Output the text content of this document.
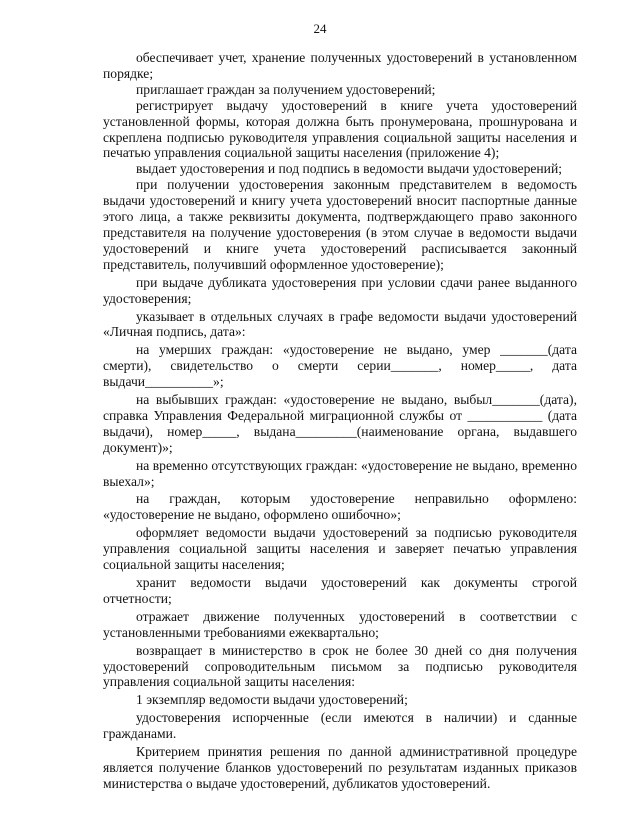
24

обеспечивает учет, хранение полученных удостоверений в установленном порядке;

приглашает граждан за получением удостоверений;

регистрирует выдачу удостоверений в книге учета удостоверений установленной формы, которая должна быть пронумерована, прошнурована и скреплена подписью руководителя управления социальной защиты населения и печатью управления социальной защиты населения (приложение 4);

выдает удостоверения и под подпись в ведомости выдачи удостоверений;

при получении удостоверения законным представителем в ведомость выдачи удостоверений и книгу учета удостоверений вносит паспортные данные этого лица, а также реквизиты документа, подтверждающего право законного представителя на получение удостоверения (в этом случае в ведомости выдачи удостоверений и книге учета удостоверений расписывается законный представитель, получивший оформленное удостоверение);

при выдаче дубликата удостоверения при условии сдачи ранее выданного удостоверения;

указывает в отдельных случаях в графе ведомости выдачи удостоверений «Личная подпись, дата»:

на умерших граждан: «удостоверение не выдано, умер _______(дата смерти), свидетельство о смерти серии_______, номер_____, дата выдачи__________»;

на выбывших граждан: «удостоверение не выдано, выбыл_______(дата), справка Управления Федеральной миграционной службы от ___________ (дата выдачи), номер_____, выдана_________(наименование органа, выдавшего документ)»;

на временно отсутствующих граждан: «удостоверение не выдано, временно выехал»;

на граждан, которым удостоверение неправильно оформлено: «удостоверение не выдано, оформлено ошибочно»;

оформляет ведомости выдачи удостоверений за подписью руководителя управления социальной защиты населения и заверяет печатью управления социальной защиты населения;

хранит ведомости выдачи удостоверений как документы строгой отчетности;

отражает движение полученных удостоверений в соответствии с установленными требованиями ежеквартально;

возвращает в министерство в срок не более 30 дней со дня получения удостоверений сопроводительным письмом за подписью руководителя управления социальной защиты населения:

1 экземпляр ведомости выдачи удостоверений;

удостоверения испорченные (если имеются в наличии) и сданные гражданами.

Критерием принятия решения по данной административной процедуре является получение бланков удостоверений по результатам изданных приказов министерства о выдаче удостоверений, дубликатов удостоверений.
